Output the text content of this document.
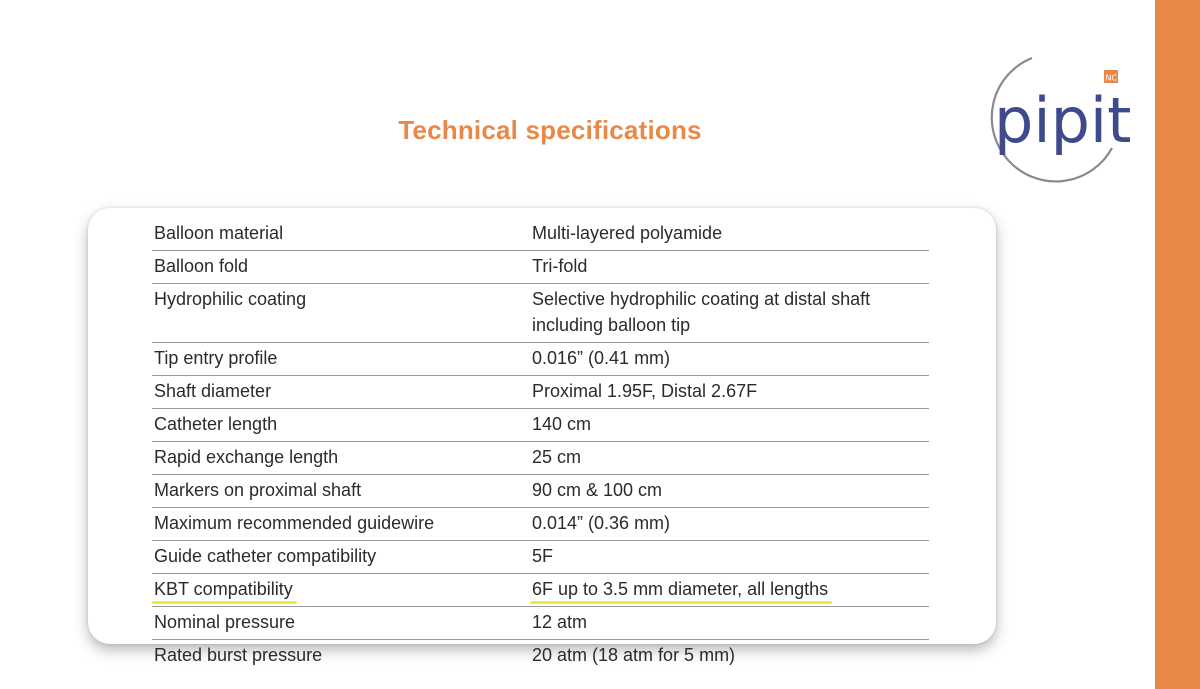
pipit
NC
Technical specifications
Balloon material	Multi-layered polyamide
Balloon fold	Tri-fold
Hydrophilic coating	Selective hydrophilic coating at distal shaft including balloon tip
Tip entry profile	0.016” (0.41 mm)
Shaft diameter	Proximal 1.95F, Distal 2.67F
Catheter length	140 cm
Rapid exchange length	25 cm
Markers on proximal shaft	90 cm & 100 cm
Maximum recommended guidewire	0.014” (0.36 mm)
Guide catheter compatibility	5F
KBT compatibility	6F up to 3.5 mm diameter, all lengths
Nominal pressure	12 atm
Rated burst pressure	20 atm (18 atm for 5 mm)
